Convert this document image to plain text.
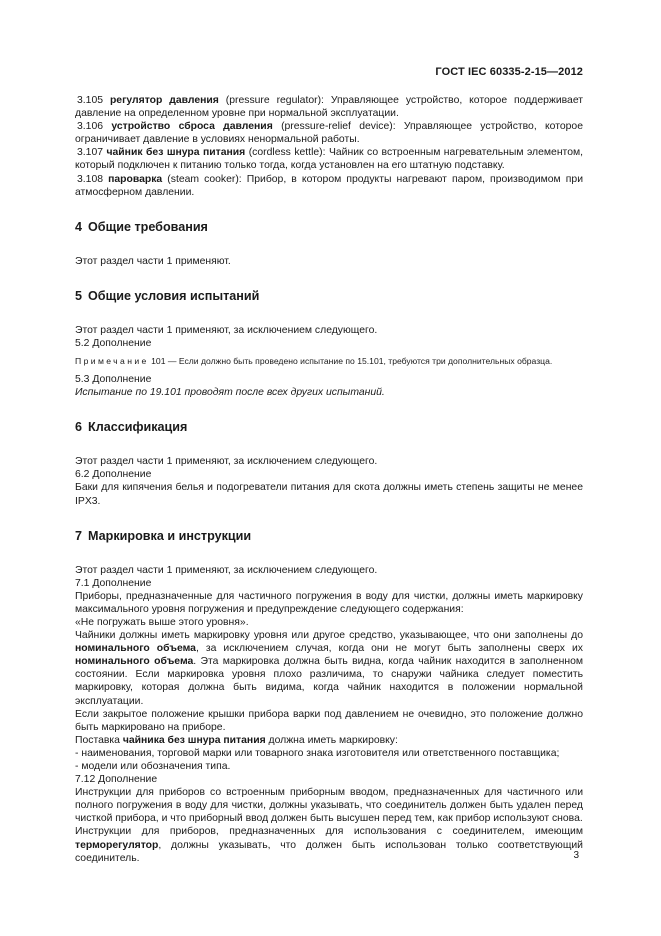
ГОСТ IEC 60335-2-15—2012

3.105 регулятор давления (pressure regulator): Управляющее устройство, которое поддерживает давление на определенном уровне при нормальной эксплуатации.

3.106 устройство сброса давления (pressure-relief device): Управляющее устройство, которое ограничивает давление в условиях ненормальной работы.

3.107 чайник без шнура питания (cordless kettle): Чайник со встроенным нагревательным элементом, который подключен к питанию только тогда, когда установлен на его штатную подставку.

3.108 пароварка (steam cooker): Прибор, в котором продукты нагревают паром, производимом при атмосферном давлении.

4 Общие требования

Этот раздел части 1 применяют.

5 Общие условия испытаний

Этот раздел части 1 применяют, за исключением следующего.

5.2 Дополнение

Примечание 101 — Если должно быть проведено испытание по 15.101, требуются три дополнительных образца.

5.3 Дополнение

Испытание по 19.101 проводят после всех других испытаний.

6 Классификация

Этот раздел части 1 применяют, за исключением следующего.

6.2 Дополнение

Баки для кипячения белья и подогреватели питания для скота должны иметь степень защиты не менее IPX3.

7 Маркировка и инструкции

Этот раздел части 1 применяют, за исключением следующего.

7.1 Дополнение

Приборы, предназначенные для частичного погружения в воду для чистки, должны иметь маркировку максимального уровня погружения и предупреждение следующего содержания:

«Не погружать выше этого уровня».

Чайники должны иметь маркировку уровня или другое средство, указывающее, что они заполнены до номинального объема, за исключением случая, когда они не могут быть заполнены сверх их номинального объема. Эта маркировка должна быть видна, когда чайник находится в заполненном состоянии. Если маркировка уровня плохо различима, то снаружи чайника следует поместить маркировку, которая должна быть видима, когда чайник находится в положении нормальной эксплуатации.

Если закрытое положение крышки прибора варки под давлением не очевидно, это положение должно быть маркировано на приборе.

Поставка чайника без шнура питания должна иметь маркировку:

- наименования, торговой марки или товарного знака изготовителя или ответственного поставщика;

- модели или обозначения типа.

7.12 Дополнение

Инструкции для приборов со встроенным приборным вводом, предназначенных для частичного или полного погружения в воду для чистки, должны указывать, что соединитель должен быть удален перед чисткой прибора, и что приборный ввод должен быть высушен перед тем, как прибор используют снова.

Инструкции для приборов, предназначенных для использования с соединителем, имеющим терморегулятор, должны указывать, что должен быть использован только соответствующий соединитель.	3
